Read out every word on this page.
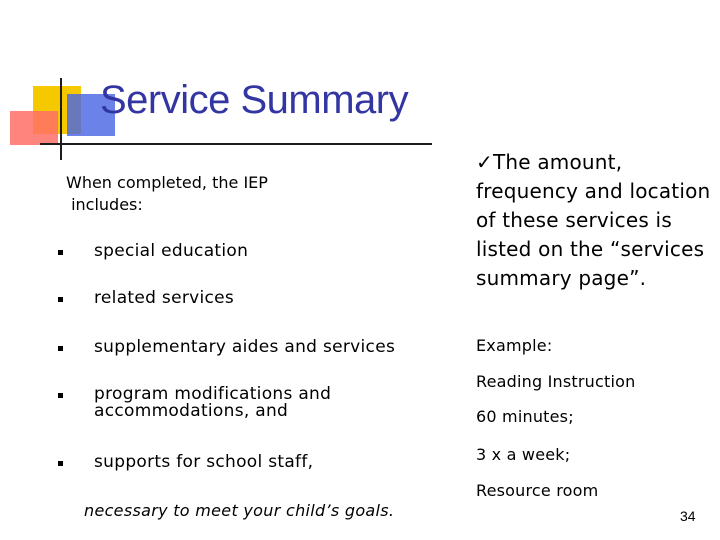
Service Summary
When completed, the IEP
includes:
special education
related services
supplementary aides and services
program modifications and
accommodations, and
supports for school staff,
necessary to meet your child’s goals.
✓The amount, frequency and location of these services is listed on the “services summary page”.
Example:
Reading Instruction
60 minutes;
3 x a week;
Resource room
34
